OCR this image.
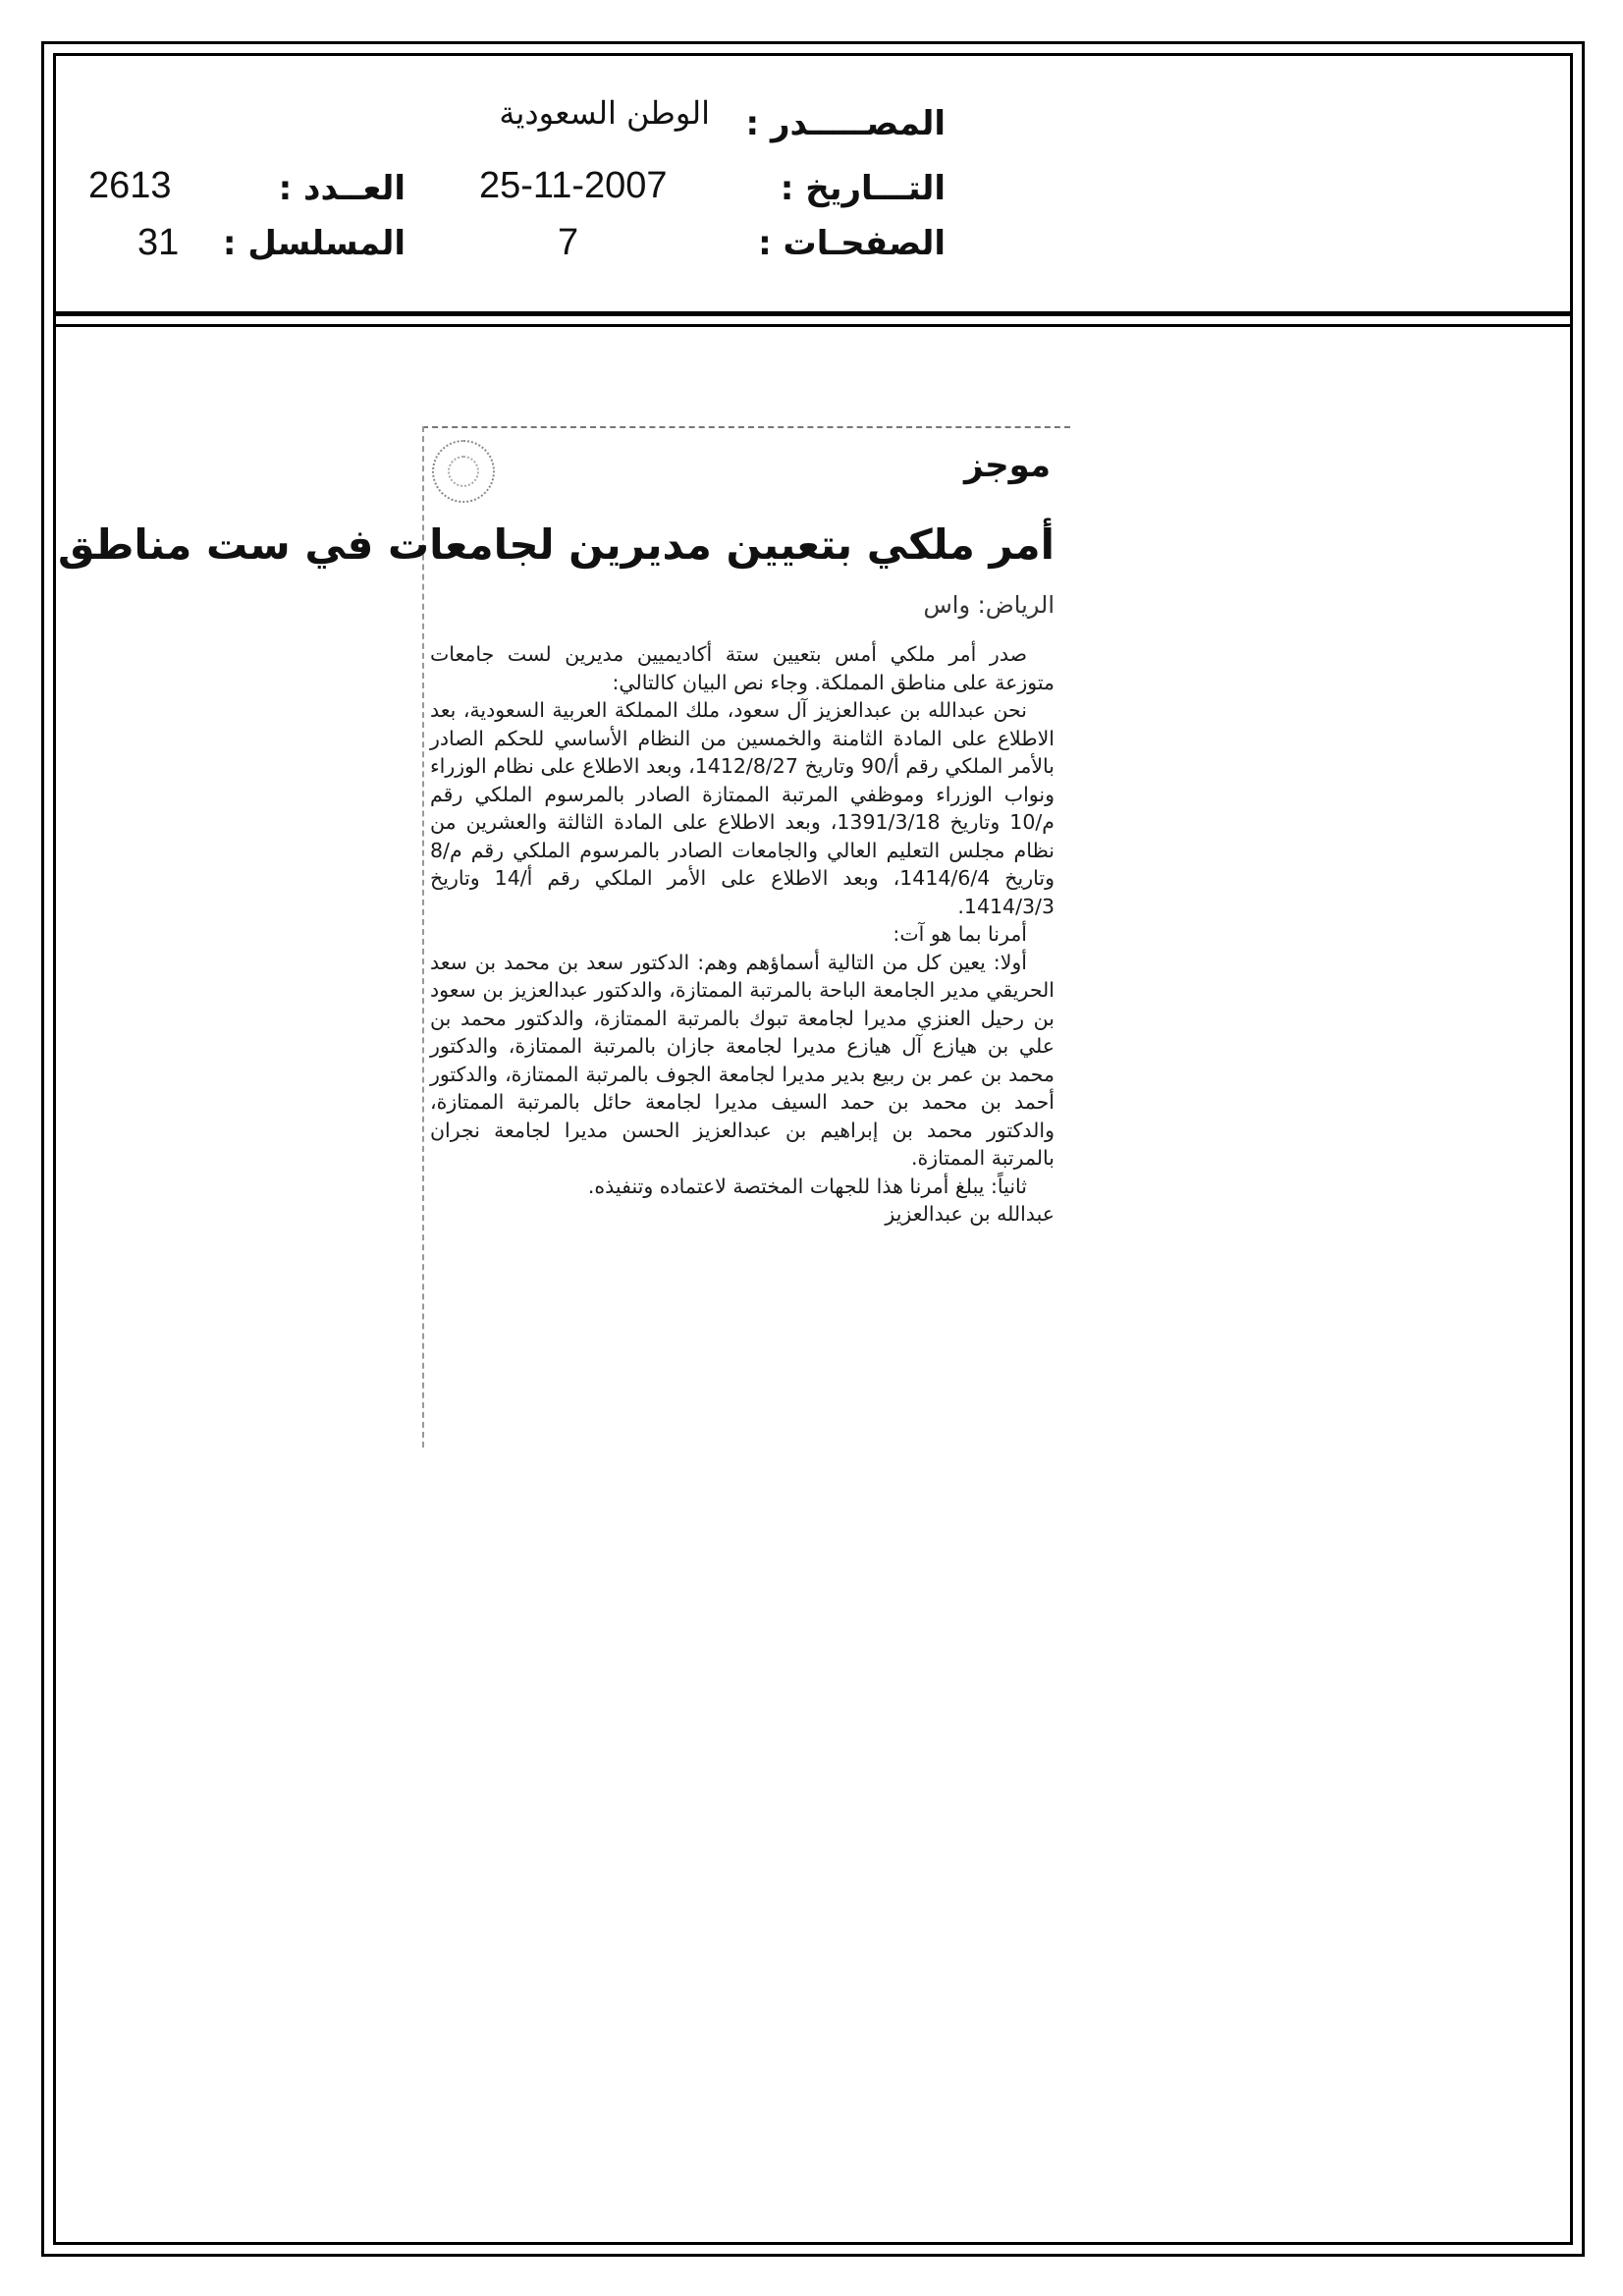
المصـــــدر :
الوطن السعودية
التـــاريخ :
25-11-2007
الصفحـات :
7
العــدد :
2613
المسلسل :
31
موجز
أمر ملكي بتعيين مديرين لجامعات في ست مناطق
الرياض: واس

صدر أمر ملكي أمس بتعيين ستة أكاديميين مديرين لست جامعات متوزعة على مناطق المملكة. وجاء نص البيان كالتالي:

نحن عبدالله بن عبدالعزيز آل سعود، ملك المملكة العربية السعودية، بعد الاطلاع على المادة الثامنة والخمسين من النظام الأساسي للحكم الصادر بالأمر الملكي رقم أ/90 وتاريخ 1412/8/27، وبعد الاطلاع على نظام الوزراء ونواب الوزراء وموظفي المرتبة الممتازة الصادر بالمرسوم الملكي رقم م/10 وتاريخ 1391/3/18، وبعد الاطلاع على المادة الثالثة والعشرين من نظام مجلس التعليم العالي والجامعات الصادر بالمرسوم الملكي رقم م/8 وتاريخ 1414/6/4، وبعد الاطلاع على الأمر الملكي رقم أ/14 وتاريخ 1414/3/3.

أمرنا بما هو آت:

أولا: يعين كل من التالية أسماؤهم وهم: الدكتور سعد بن محمد بن سعد الحريقي مدير الجامعة الباحة بالمرتبة الممتازة، والدكتور عبدالعزيز بن سعود بن رحيل العنزي مديرا لجامعة تبوك بالمرتبة الممتازة، والدكتور محمد بن علي بن هيازع آل هيازع مديرا لجامعة جازان بالمرتبة الممتازة، والدكتور محمد بن عمر بن ربيع بدير مديرا لجامعة الجوف بالمرتبة الممتازة، والدكتور أحمد بن محمد بن حمد السيف مديرا لجامعة حائل بالمرتبة الممتازة، والدكتور محمد بن إبراهيم بن عبدالعزيز الحسن مديرا لجامعة نجران بالمرتبة الممتازة.

ثانياً: يبلغ أمرنا هذا للجهات المختصة لاعتماده وتنفيذه.

عبدالله بن عبدالعزيز
